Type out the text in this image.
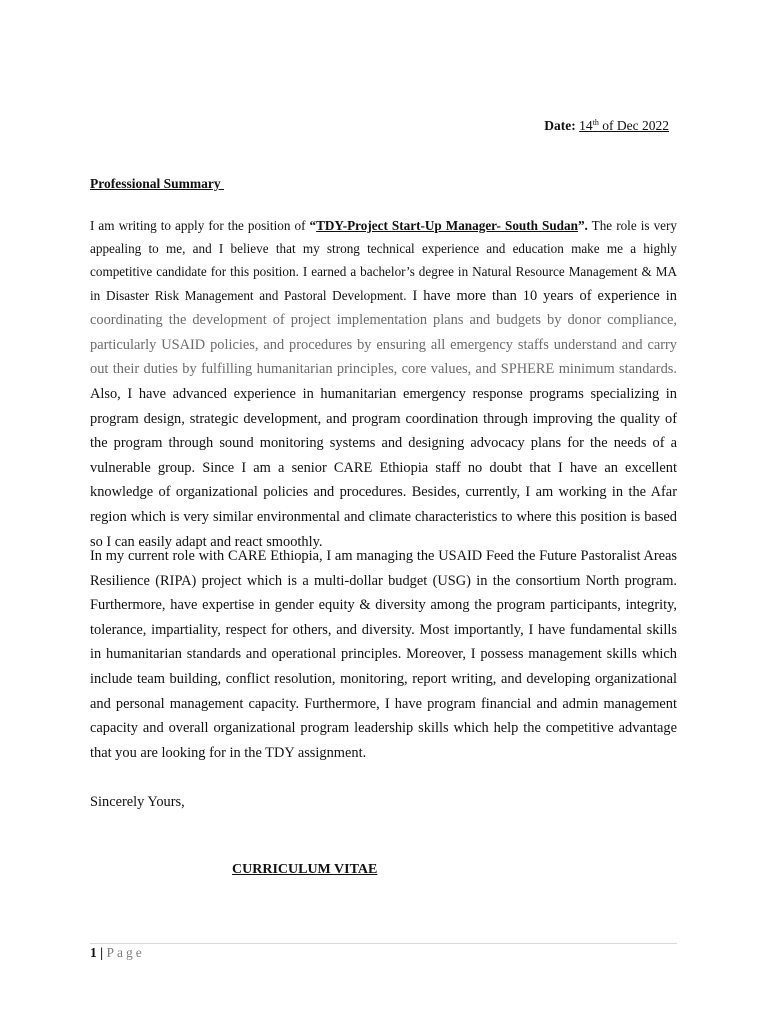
Date: 14th of Dec 2022
Professional Summary
I am writing to apply for the position of “TDY-Project Start-Up Manager- South Sudan”. The role is very appealing to me, and I believe that my strong technical experience and education make me a highly competitive candidate for this position. I earned a bachelor’s degree in Natural Resource Management & MA in Disaster Risk Management and Pastoral Development. I have more than 10 years of experience in coordinating the development of project implementation plans and budgets by donor compliance, particularly USAID policies, and procedures by ensuring all emergency staffs understand and carry out their duties by fulfilling humanitarian principles, core values, and SPHERE minimum standards. Also, I have advanced experience in humanitarian emergency response programs specializing in program design, strategic development, and program coordination through improving the quality of the program through sound monitoring systems and designing advocacy plans for the needs of a vulnerable group. Since I am a senior CARE Ethiopia staff no doubt that I have an excellent knowledge of organizational policies and procedures. Besides, currently, I am working in the Afar region which is very similar environmental and climate characteristics to where this position is based so I can easily adapt and react smoothly.
In my current role with CARE Ethiopia, I am managing the USAID Feed the Future Pastoralist Areas Resilience (RIPA) project which is a multi-dollar budget (USG) in the consortium North program. Furthermore, have expertise in gender equity & diversity among the program participants, integrity, tolerance, impartiality, respect for others, and diversity. Most importantly, I have fundamental skills in humanitarian standards and operational principles. Moreover, I possess management skills which include team building, conflict resolution, monitoring, report writing, and developing organizational and personal management capacity. Furthermore, I have program financial and admin management capacity and overall organizational program leadership skills which help the competitive advantage that you are looking for in the TDY assignment.
Sincerely Yours,
CURRICULUM VITAE
1 | Page
